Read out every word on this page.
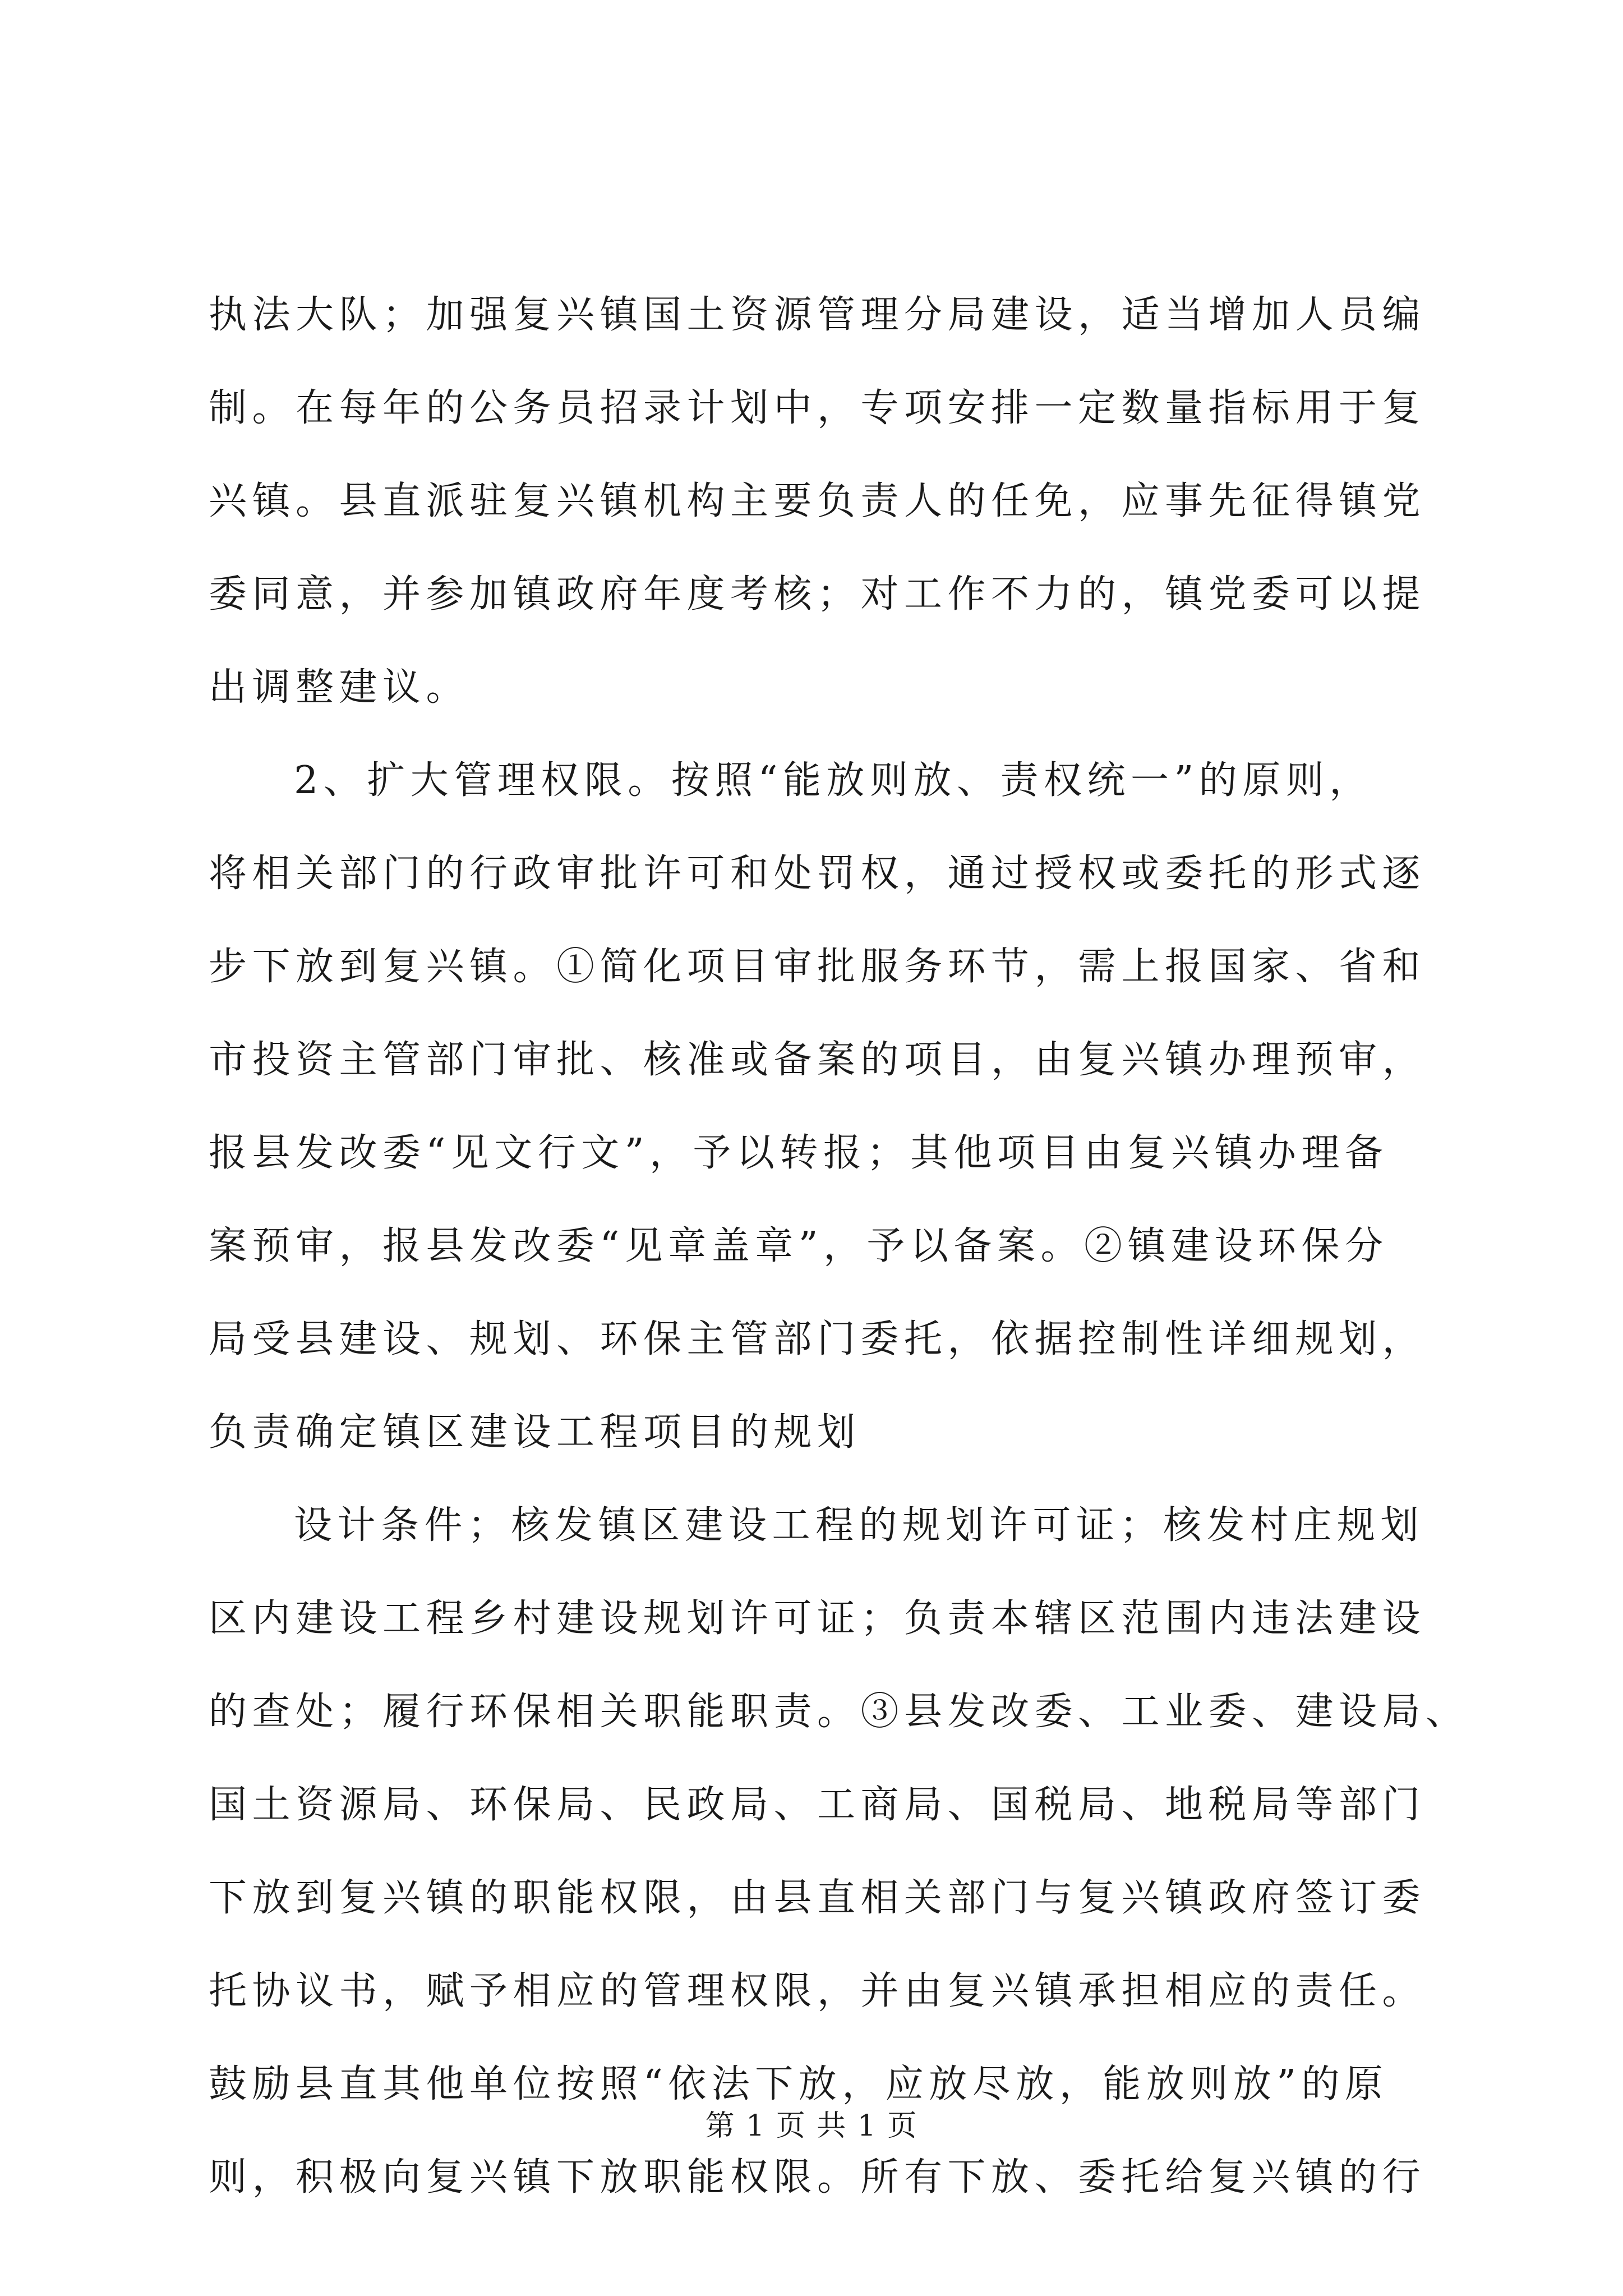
执法大队；加强复兴镇国土资源管理分局建设，适当增加人员编
制。在每年的公务员招录计划中，专项安排一定数量指标用于复
兴镇。县直派驻复兴镇机构主要负责人的任免，应事先征得镇党
委同意，并参加镇政府年度考核；对工作不力的，镇党委可以提
出调整建议。
2、扩大管理权限。按照“能放则放、责权统一”的原则，
将相关部门的行政审批许可和处罚权，通过授权或委托的形式逐
步下放到复兴镇。①简化项目审批服务环节，需上报国家、省和
市投资主管部门审批、核准或备案的项目，由复兴镇办理预审，
报县发改委“见文行文”，予以转报；其他项目由复兴镇办理备
案预审，报县发改委“见章盖章”，予以备案。②镇建设环保分
局受县建设、规划、环保主管部门委托，依据控制性详细规划，
负责确定镇区建设工程项目的规划
设计条件；核发镇区建设工程的规划许可证；核发村庄规划
区内建设工程乡村建设规划许可证；负责本辖区范围内违法建设
的查处；履行环保相关职能职责。③县发改委、工业委、建设局、
国土资源局、环保局、民政局、工商局、国税局、地税局等部门
下放到复兴镇的职能权限，由县直相关部门与复兴镇政府签订委
托协议书，赋予相应的管理权限，并由复兴镇承担相应的责任。
鼓励县直其他单位按照“依法下放，应放尽放，能放则放”的原
则，积极向复兴镇下放职能权限。所有下放、委托给复兴镇的行
第 1 页 共 1 页
